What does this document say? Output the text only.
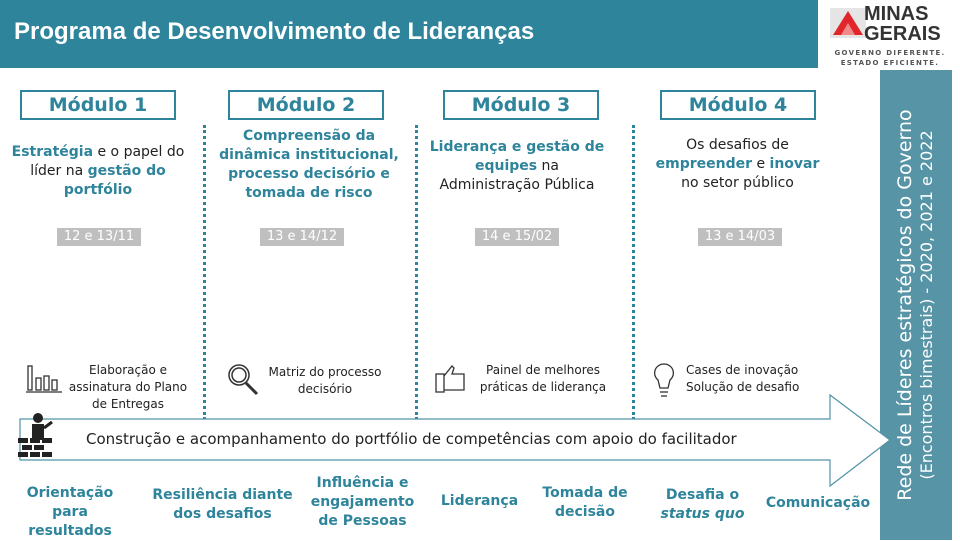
Programa de Desenvolvimento de Lideranças
MINAS
GERAIS
GOVERNO DIFERENTE.
ESTADO EFICIENTE.
Rede de Líderes estratégicos do Governo (Encontros bimestrais) - 2020, 2021 e 2022
Módulo 1	Módulo 2	Módulo 3	Módulo 4
Estratégia e o papel do líder na gestão do portfólio
Compreensão da dinâmica institucional, processo decisório e tomada de risco
Liderança e gestão de equipes na Administração Pública
Os desafios de empreender e inovar no setor público
12 e 13/11	13 e 14/12	14 e 15/02	13 e 14/03
Elaboração e assinatura do Plano de Entregas
Matriz do processo decisório
Painel de melhores práticas de liderança
Cases de inovação Solução de desafio
Construção e acompanhamento do portfólio de competências com apoio do facilitador
Orientação para resultados
Resiliência diante dos desafios
Influência e engajamento de Pessoas
Liderança	Tomada de decisão
Desafia o status quo
Comunicação
